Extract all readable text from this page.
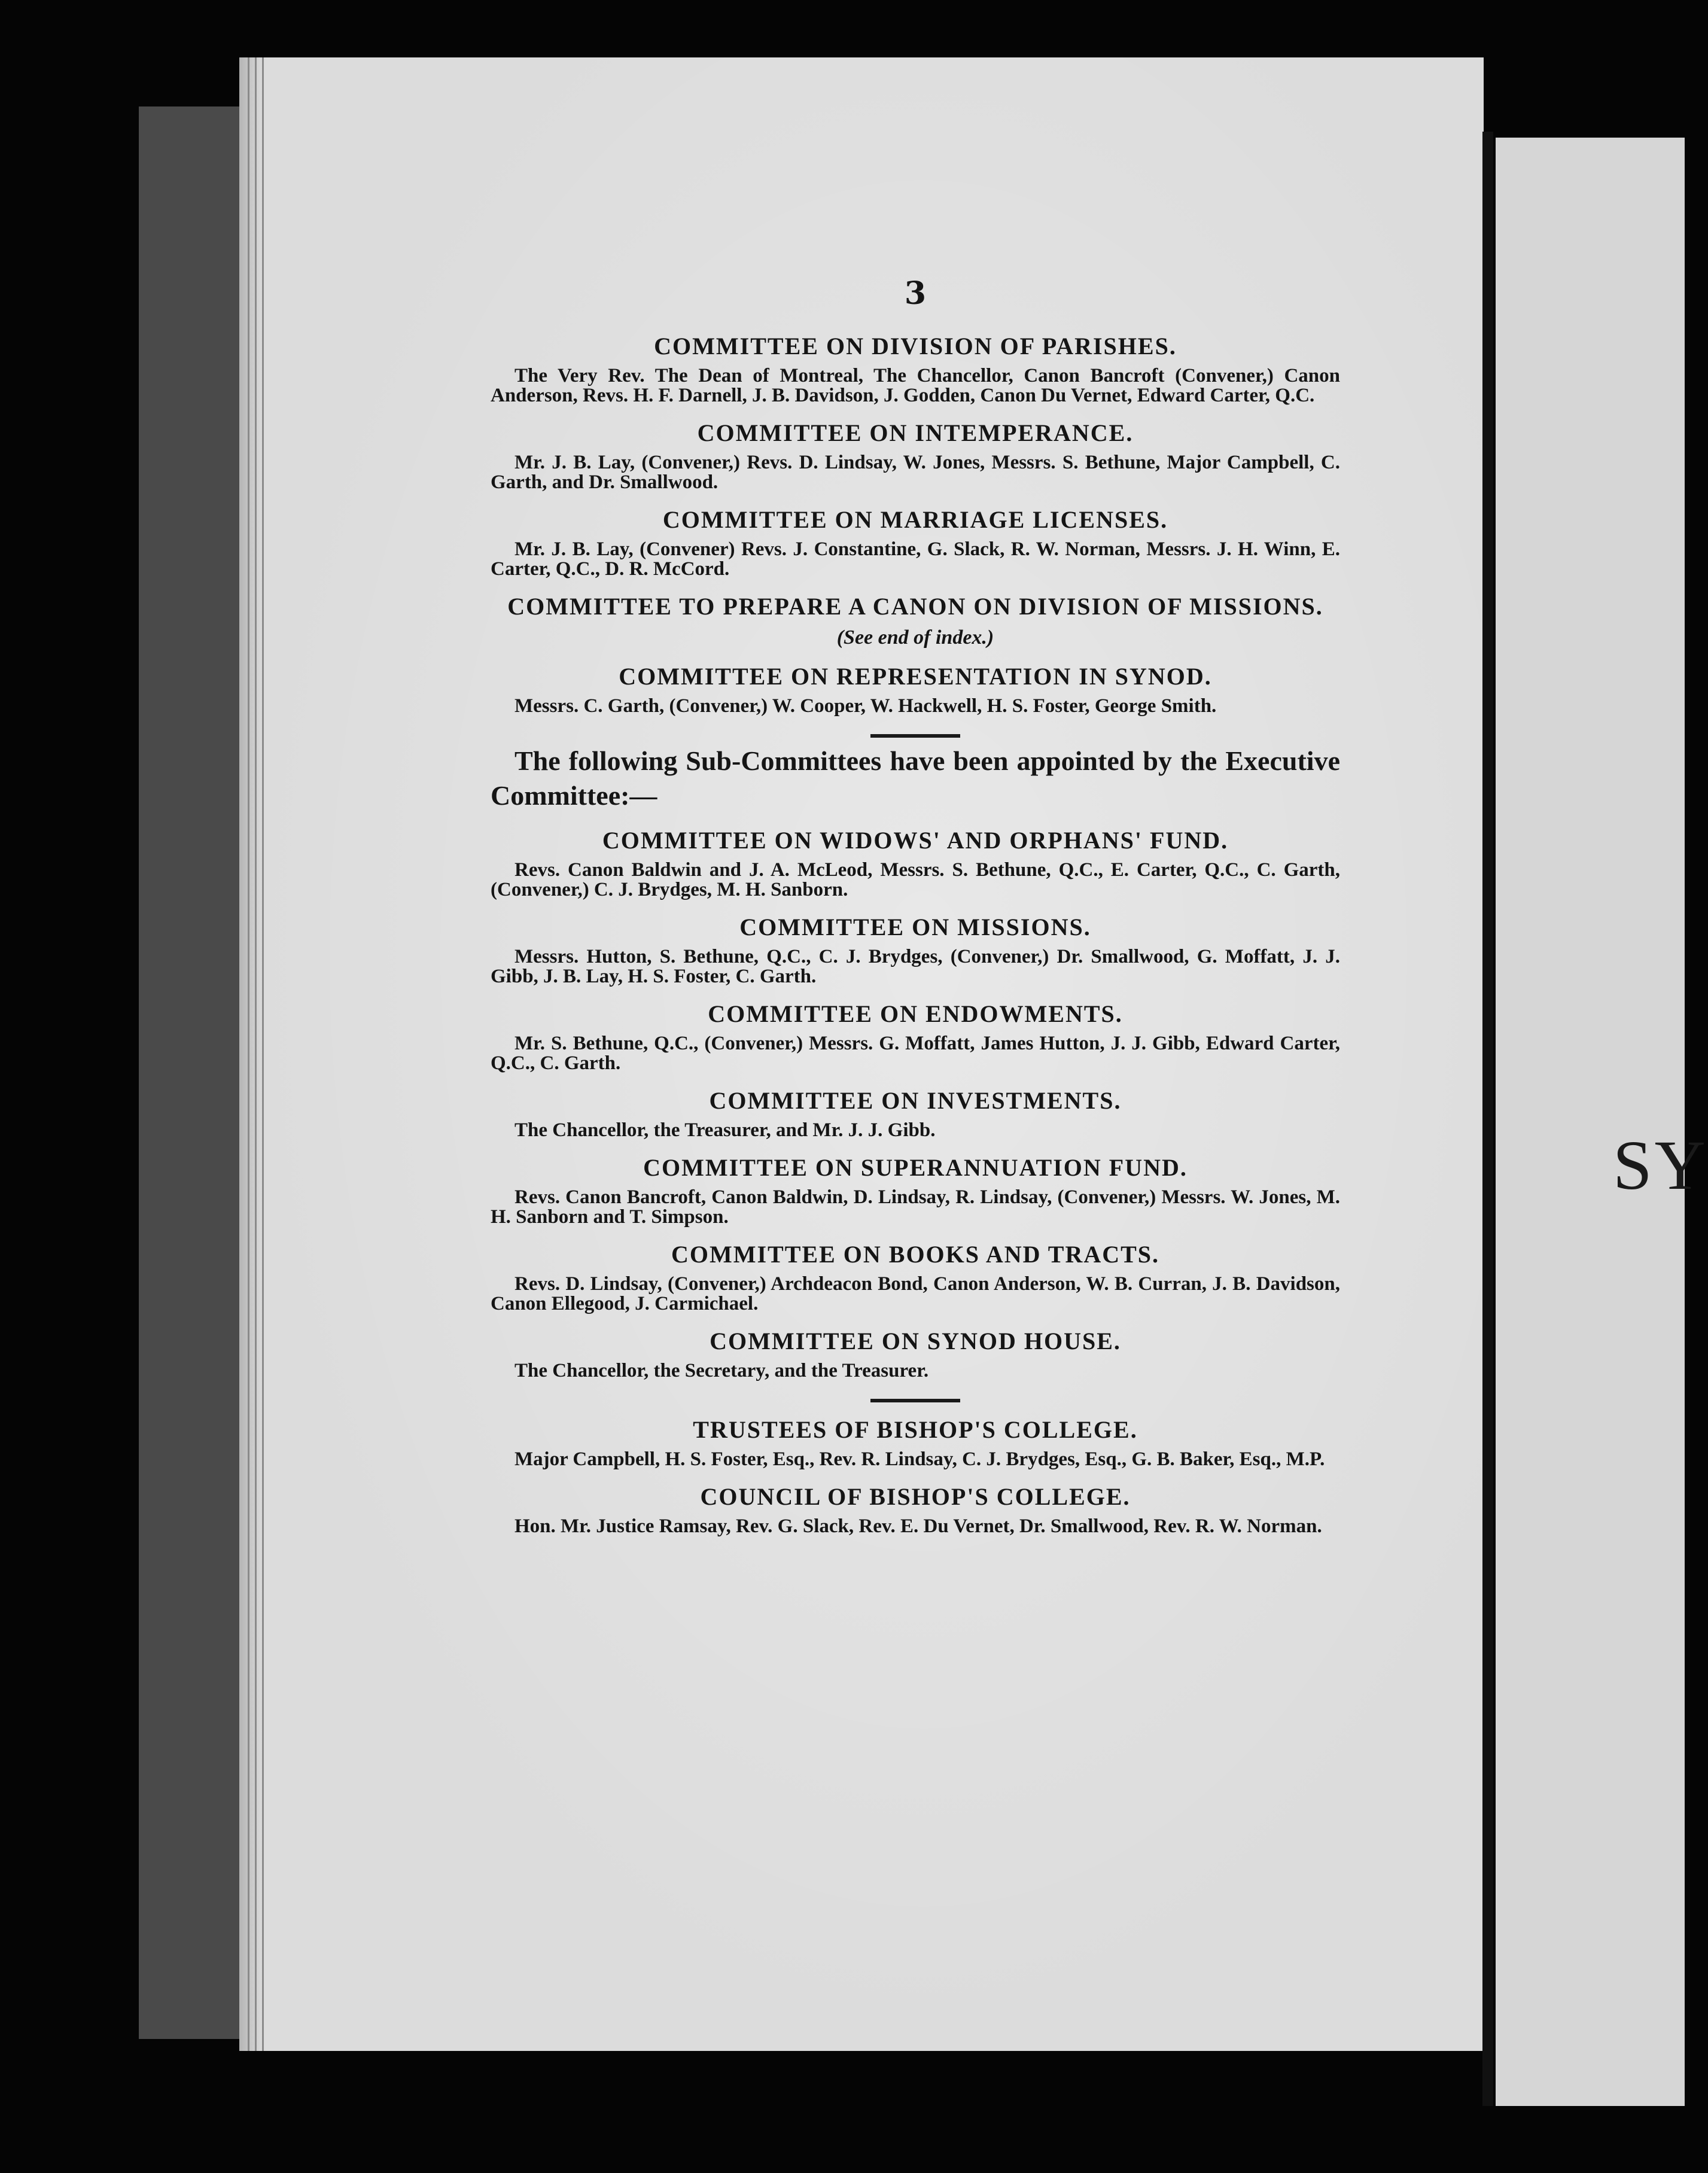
SY
3
COMMITTEE ON DIVISION OF PARISHES.
The Very Rev. The Dean of Montreal, The Chancellor, Canon Bancroft (Convener,) Canon Anderson, Revs. H. F. Darnell, J. B. Davidson, J. Godden, Canon Du Vernet, Edward Carter, Q.C.
COMMITTEE ON INTEMPERANCE.
Mr. J. B. Lay, (Convener,) Revs. D. Lindsay, W. Jones, Messrs. S. Bethune, Major Campbell, C. Garth, and Dr. Smallwood.
COMMITTEE ON MARRIAGE LICENSES.
Mr. J. B. Lay, (Convener) Revs. J. Constantine, G. Slack, R. W. Norman, Messrs. J. H. Winn, E. Carter, Q.C., D. R. McCord.
COMMITTEE TO PREPARE A CANON ON DIVISION OF MISSIONS.
(See end of index.)
COMMITTEE ON REPRESENTATION IN SYNOD.
Messrs. C. Garth, (Convener,) W. Cooper, W. Hackwell, H. S. Foster, George Smith.
The following Sub-Committees have been appointed by the Executive Committee:—
COMMITTEE ON WIDOWS' AND ORPHANS' FUND.
Revs. Canon Baldwin and J. A. McLeod, Messrs. S. Bethune, Q.C., E. Carter, Q.C., C. Garth, (Convener,) C. J. Brydges, M. H. Sanborn.
COMMITTEE ON MISSIONS.
Messrs. Hutton, S. Bethune, Q.C., C. J. Brydges, (Convener,) Dr. Smallwood, G. Moffatt, J. J. Gibb, J. B. Lay, H. S. Foster, C. Garth.
COMMITTEE ON ENDOWMENTS.
Mr. S. Bethune, Q.C., (Convener,) Messrs. G. Moffatt, James Hutton, J. J. Gibb, Edward Carter, Q.C., C. Garth.
COMMITTEE ON INVESTMENTS.
The Chancellor, the Treasurer, and Mr. J. J. Gibb.
COMMITTEE ON SUPERANNUATION FUND.
Revs. Canon Bancroft, Canon Baldwin, D. Lindsay, R. Lindsay, (Convener,) Messrs. W. Jones, M. H. Sanborn and T. Simpson.
COMMITTEE ON BOOKS AND TRACTS.
Revs. D. Lindsay, (Convener,) Archdeacon Bond, Canon Anderson, W. B. Curran, J. B. Davidson, Canon Ellegood, J. Carmichael.
COMMITTEE ON SYNOD HOUSE.
The Chancellor, the Secretary, and the Treasurer.
TRUSTEES OF BISHOP'S COLLEGE.
Major Campbell, H. S. Foster, Esq., Rev. R. Lindsay, C. J. Brydges, Esq., G. B. Baker, Esq., M.P.
COUNCIL OF BISHOP'S COLLEGE.
Hon. Mr. Justice Ramsay, Rev. G. Slack, Rev. E. Du Vernet, Dr. Smallwood, Rev. R. W. Norman.
